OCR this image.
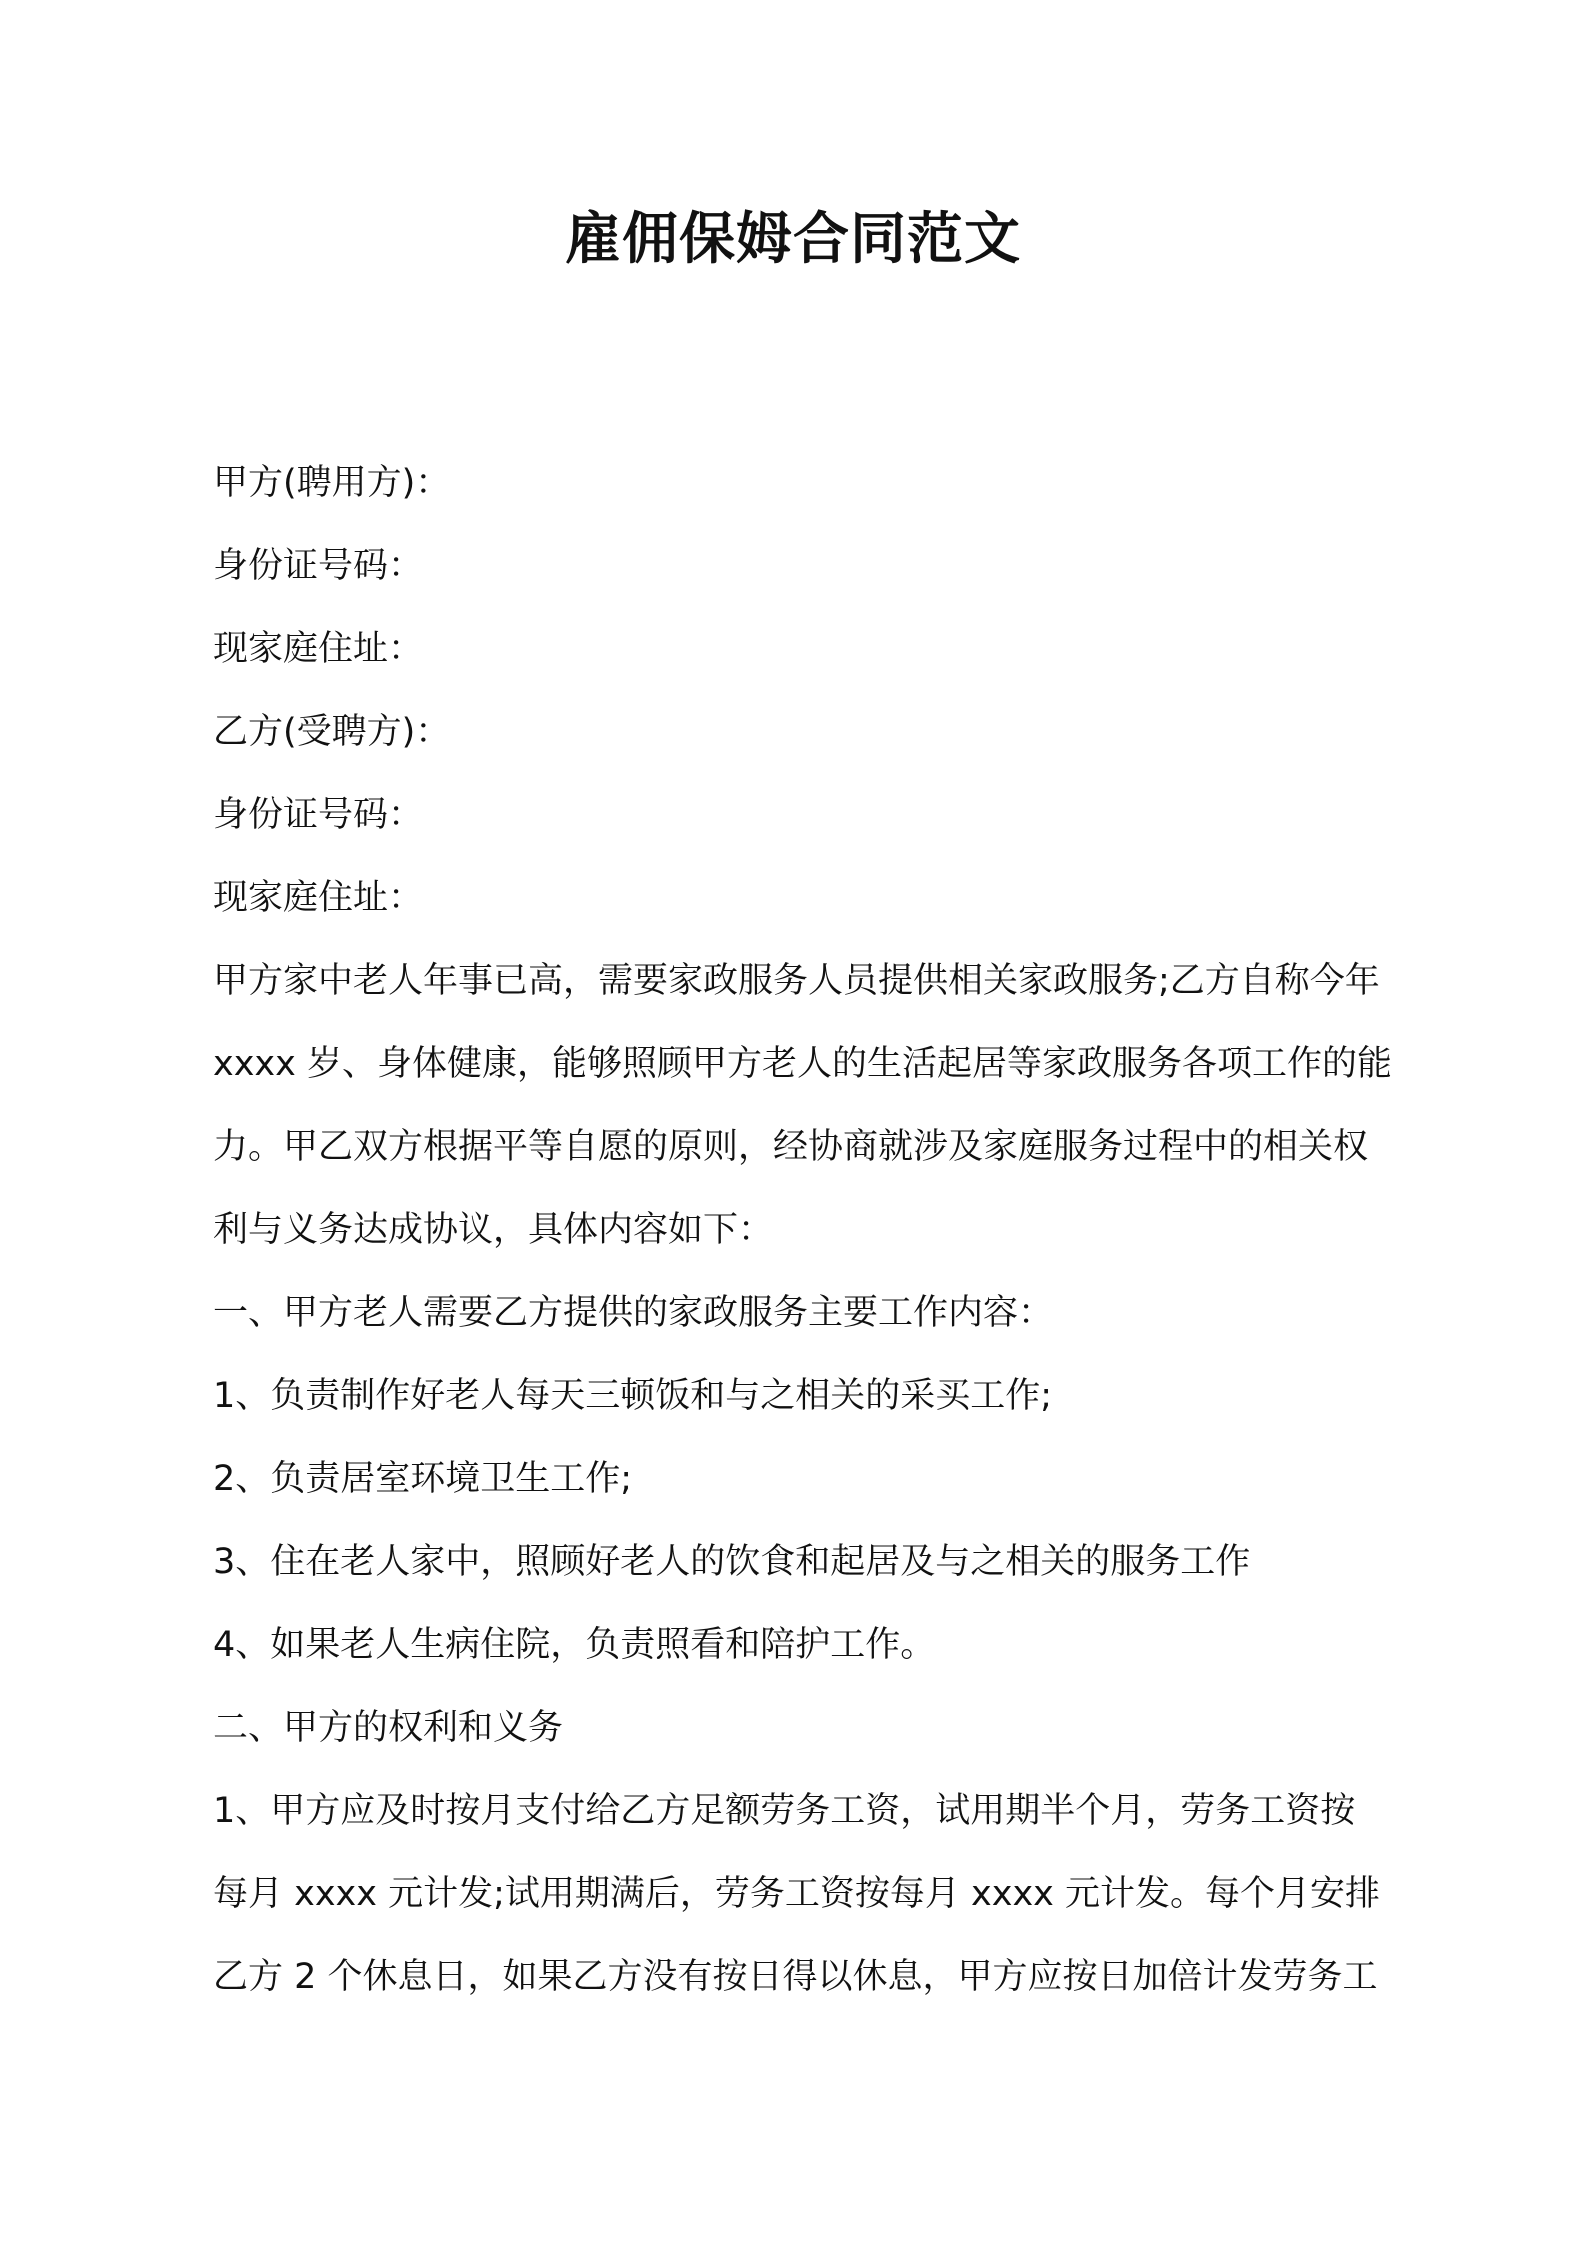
雇佣保姆合同范文

甲方(聘用方)：

身份证号码：

现家庭住址：

乙方(受聘方)：

身份证号码：

现家庭住址：

甲方家中老人年事已高，需要家政服务人员提供相关家政服务;乙方自称今年

xxxx 岁、身体健康，能够照顾甲方老人的生活起居等家政服务各项工作的能

力。甲乙双方根据平等自愿的原则，经协商就涉及家庭服务过程中的相关权

利与义务达成协议，具体内容如下：

一、甲方老人需要乙方提供的家政服务主要工作内容：

1、负责制作好老人每天三顿饭和与之相关的采买工作;

2、负责居室环境卫生工作;

3、住在老人家中，照顾好老人的饮食和起居及与之相关的服务工作

4、如果老人生病住院，负责照看和陪护工作。

二、甲方的权利和义务

1、甲方应及时按月支付给乙方足额劳务工资，试用期半个月，劳务工资按

每月 xxxx 元计发;试用期满后，劳务工资按每月 xxxx 元计发。每个月安排

乙方 2 个休息日，如果乙方没有按日得以休息，甲方应按日加倍计发劳务工
